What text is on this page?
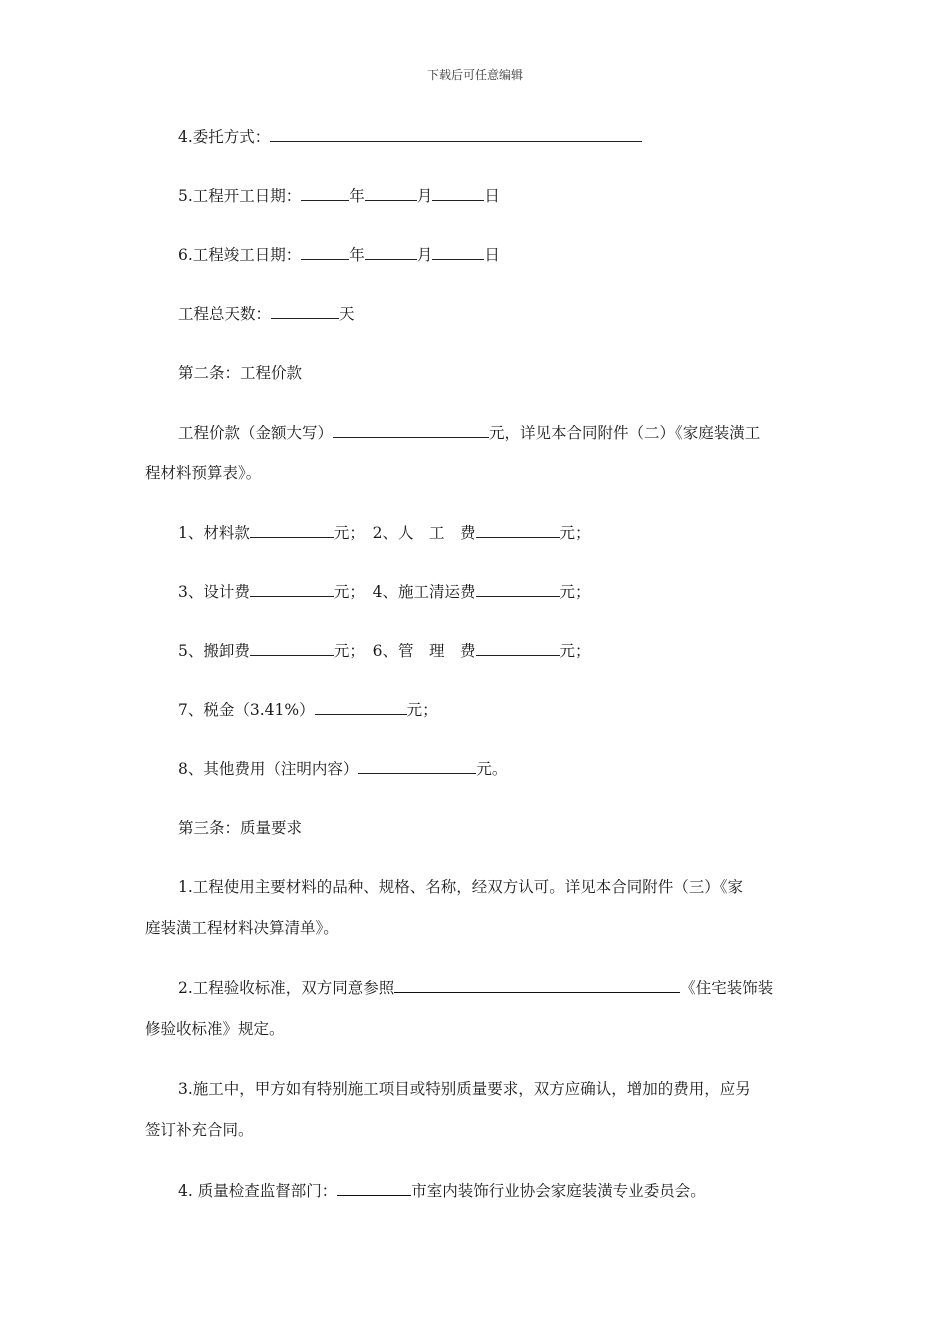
下载后可任意编辑
4.委托方式：
5.工程开工日期：	年	月	日
6.工程竣工日期：	年	月	日
工程总天数：	天
第二条：工程价款
工程价款（金额大写）	元，详见本合同附件（二）《家庭装潢工
程材料预算表》。
1、材料款	元；　2、人　工　费	元；
3、设计费	元；　4、施工清运费	元；
5、搬卸费	元；　6、管　理　费	元；
7、税金（3.41%）	元；
8、其他费用（注明内容）	元。
第三条：质量要求
1.工程使用主要材料的品种、规格、名称，经双方认可。详见本合同附件（三）《家
庭装潢工程材料决算清单》。
2.工程验收标准，双方同意参照	《住宅装饰装
修验收标准》规定。
3.施工中，甲方如有特别施工项目或特别质量要求，双方应确认，增加的费用，应另
签订补充合同。
4. 质量检查监督部门：	市室内装饰行业协会家庭装潢专业委员会。
